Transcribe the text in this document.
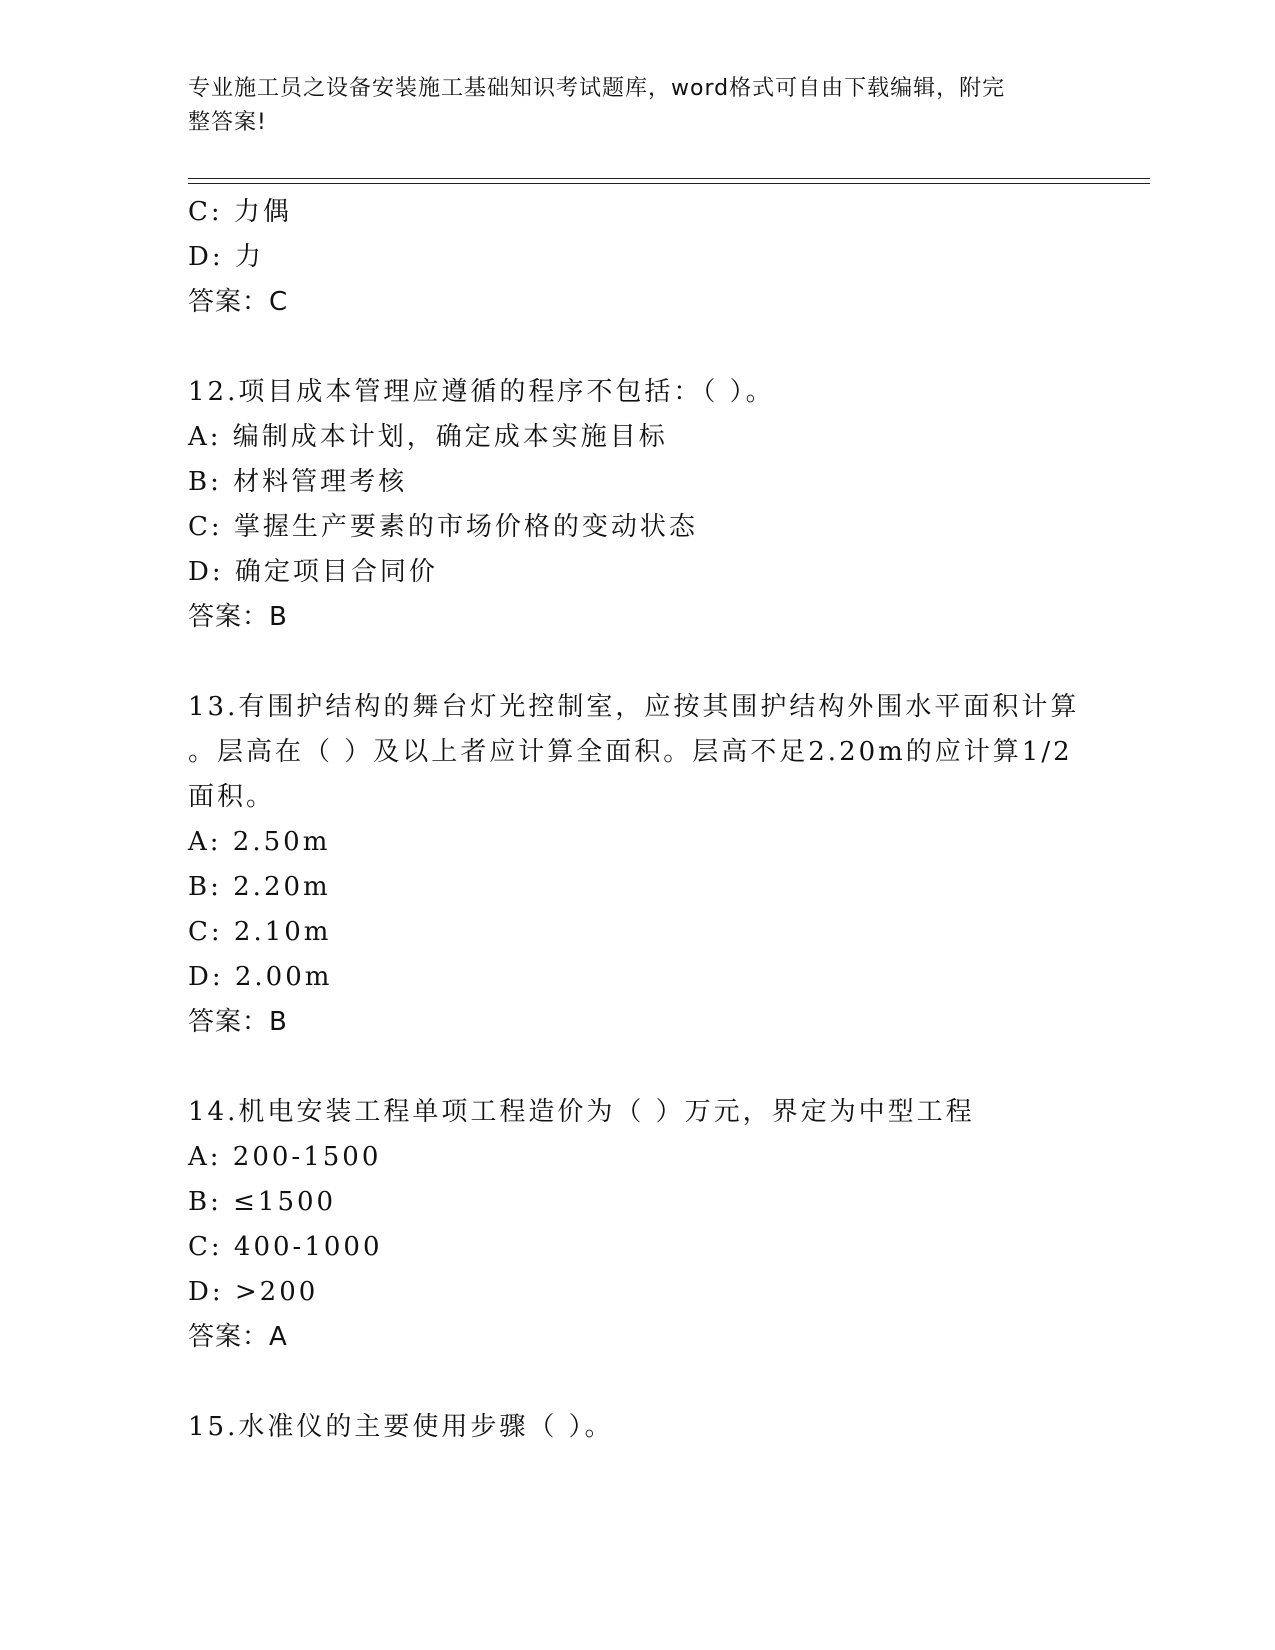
专业施工员之设备安装施工基础知识考试题库，word格式可自由下载编辑，附完
整答案!

C: 力偶

D: 力

答案：C

12.项目成本管理应遵循的程序不包括：（ ）。

A: 编制成本计划，确定成本实施目标

B: 材料管理考核

C: 掌握生产要素的市场价格的变动状态

D: 确定项目合同价

答案：B

13.有围护结构的舞台灯光控制室，应按其围护结构外围水平面积计算

。层高在（ ）及以上者应计算全面积。层高不足2.20m的应计算1/2

面积。

A: 2.50m

B: 2.20m

C: 2.10m

D: 2.00m

答案：B

14.机电安装工程单项工程造价为（ ）万元，界定为中型工程

A: 200-1500

B: ≤1500

C: 400-1000

D: >200

答案：A

15.水准仪的主要使用步骤（ ）。
